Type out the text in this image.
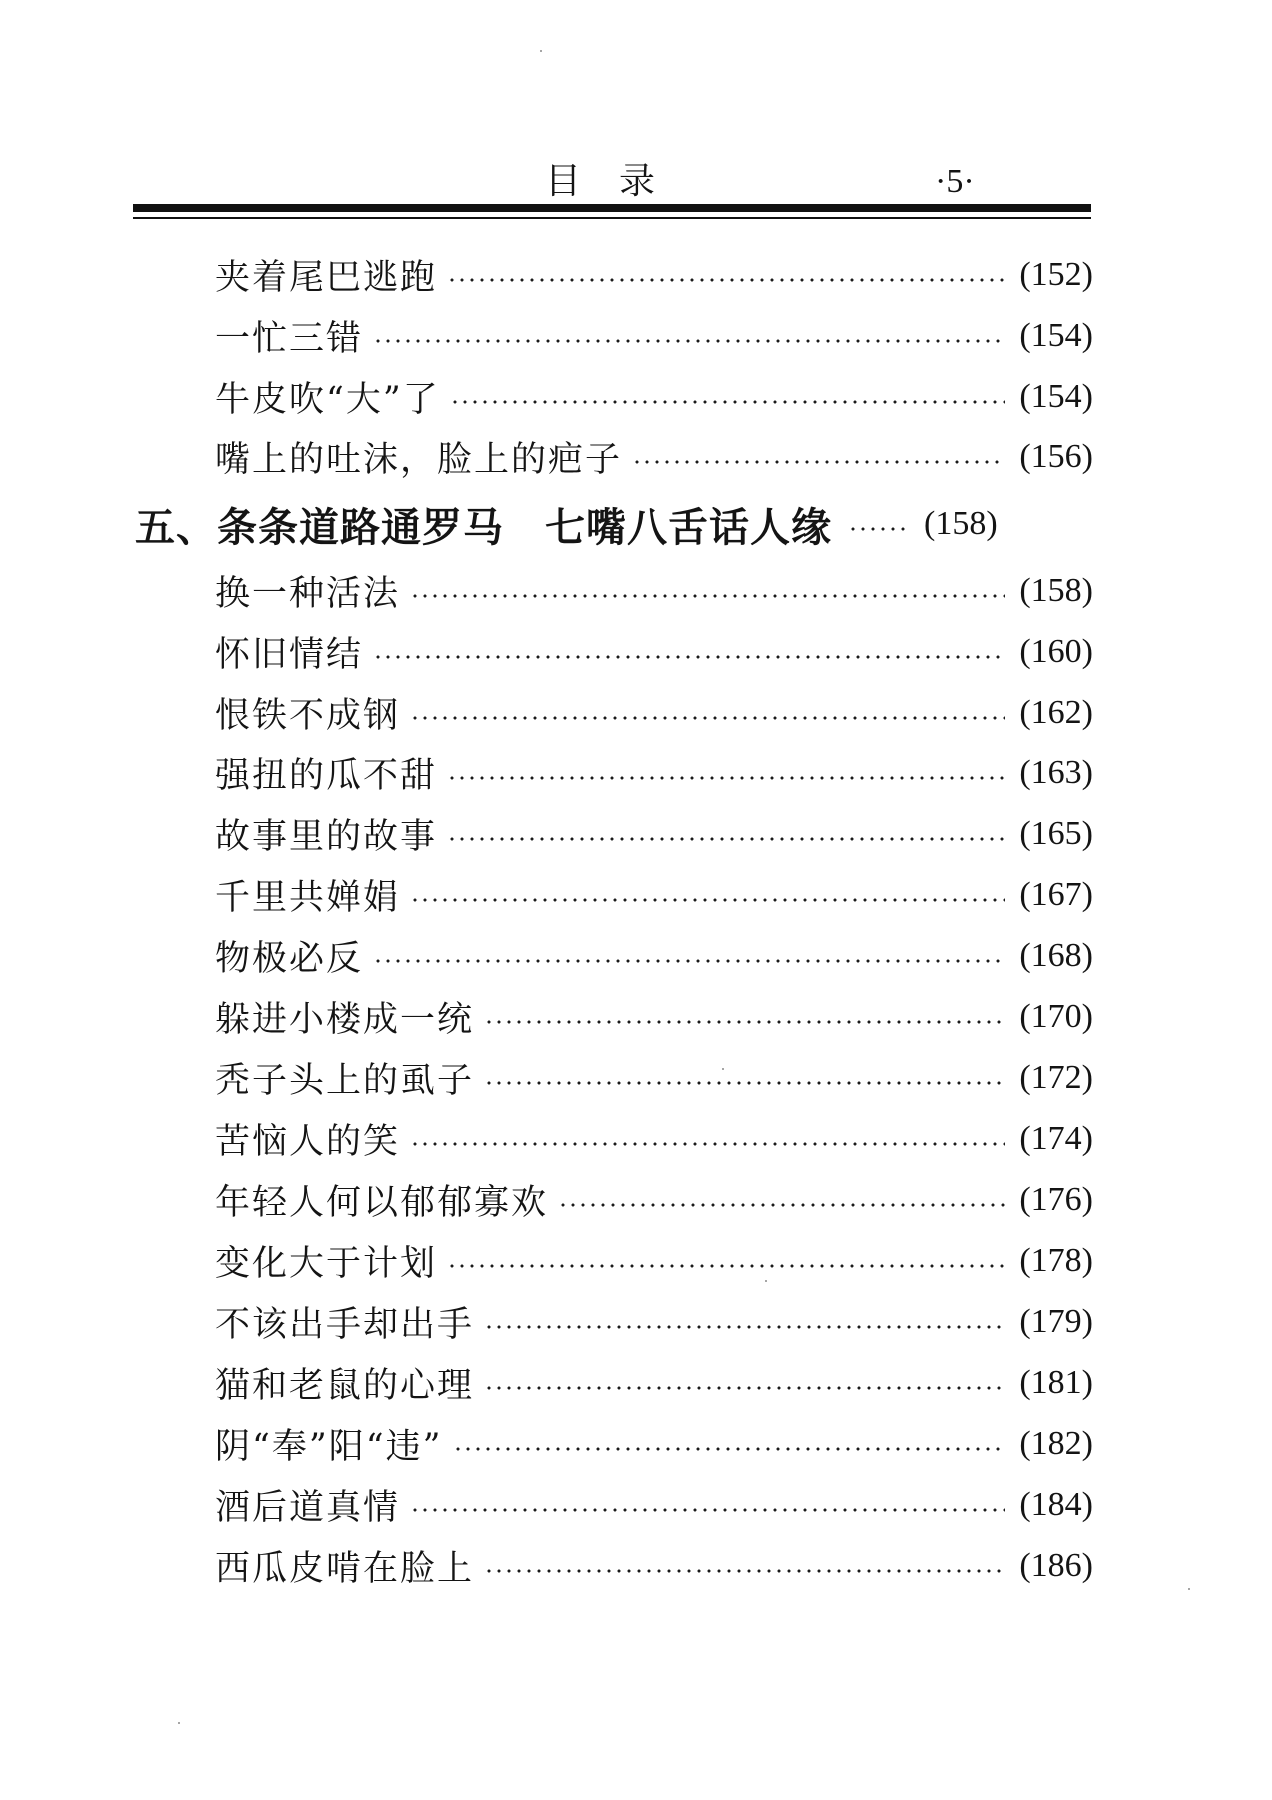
目录	·5·
夹着尾巴逃跑	(152)
一忙三错	(154)
牛皮吹“大”了	(154)
嘴上的吐沫，脸上的疤子	(156)
五、条条道路通罗马　七嘴八舌话人缘	(158)
换一种活法	(158)
怀旧情结	(160)
恨铁不成钢	(162)
强扭的瓜不甜	(163)
故事里的故事	(165)
千里共婵娟	(167)
物极必反	(168)
躲进小楼成一统	(170)
秃子头上的虱子	(172)
苦恼人的笑	(174)
年轻人何以郁郁寡欢	(176)
变化大于计划	(178)
不该出手却出手	(179)
猫和老鼠的心理	(181)
阴“奉”阳“违”	(182)
酒后道真情	(184)
西瓜皮啃在脸上	(186)
